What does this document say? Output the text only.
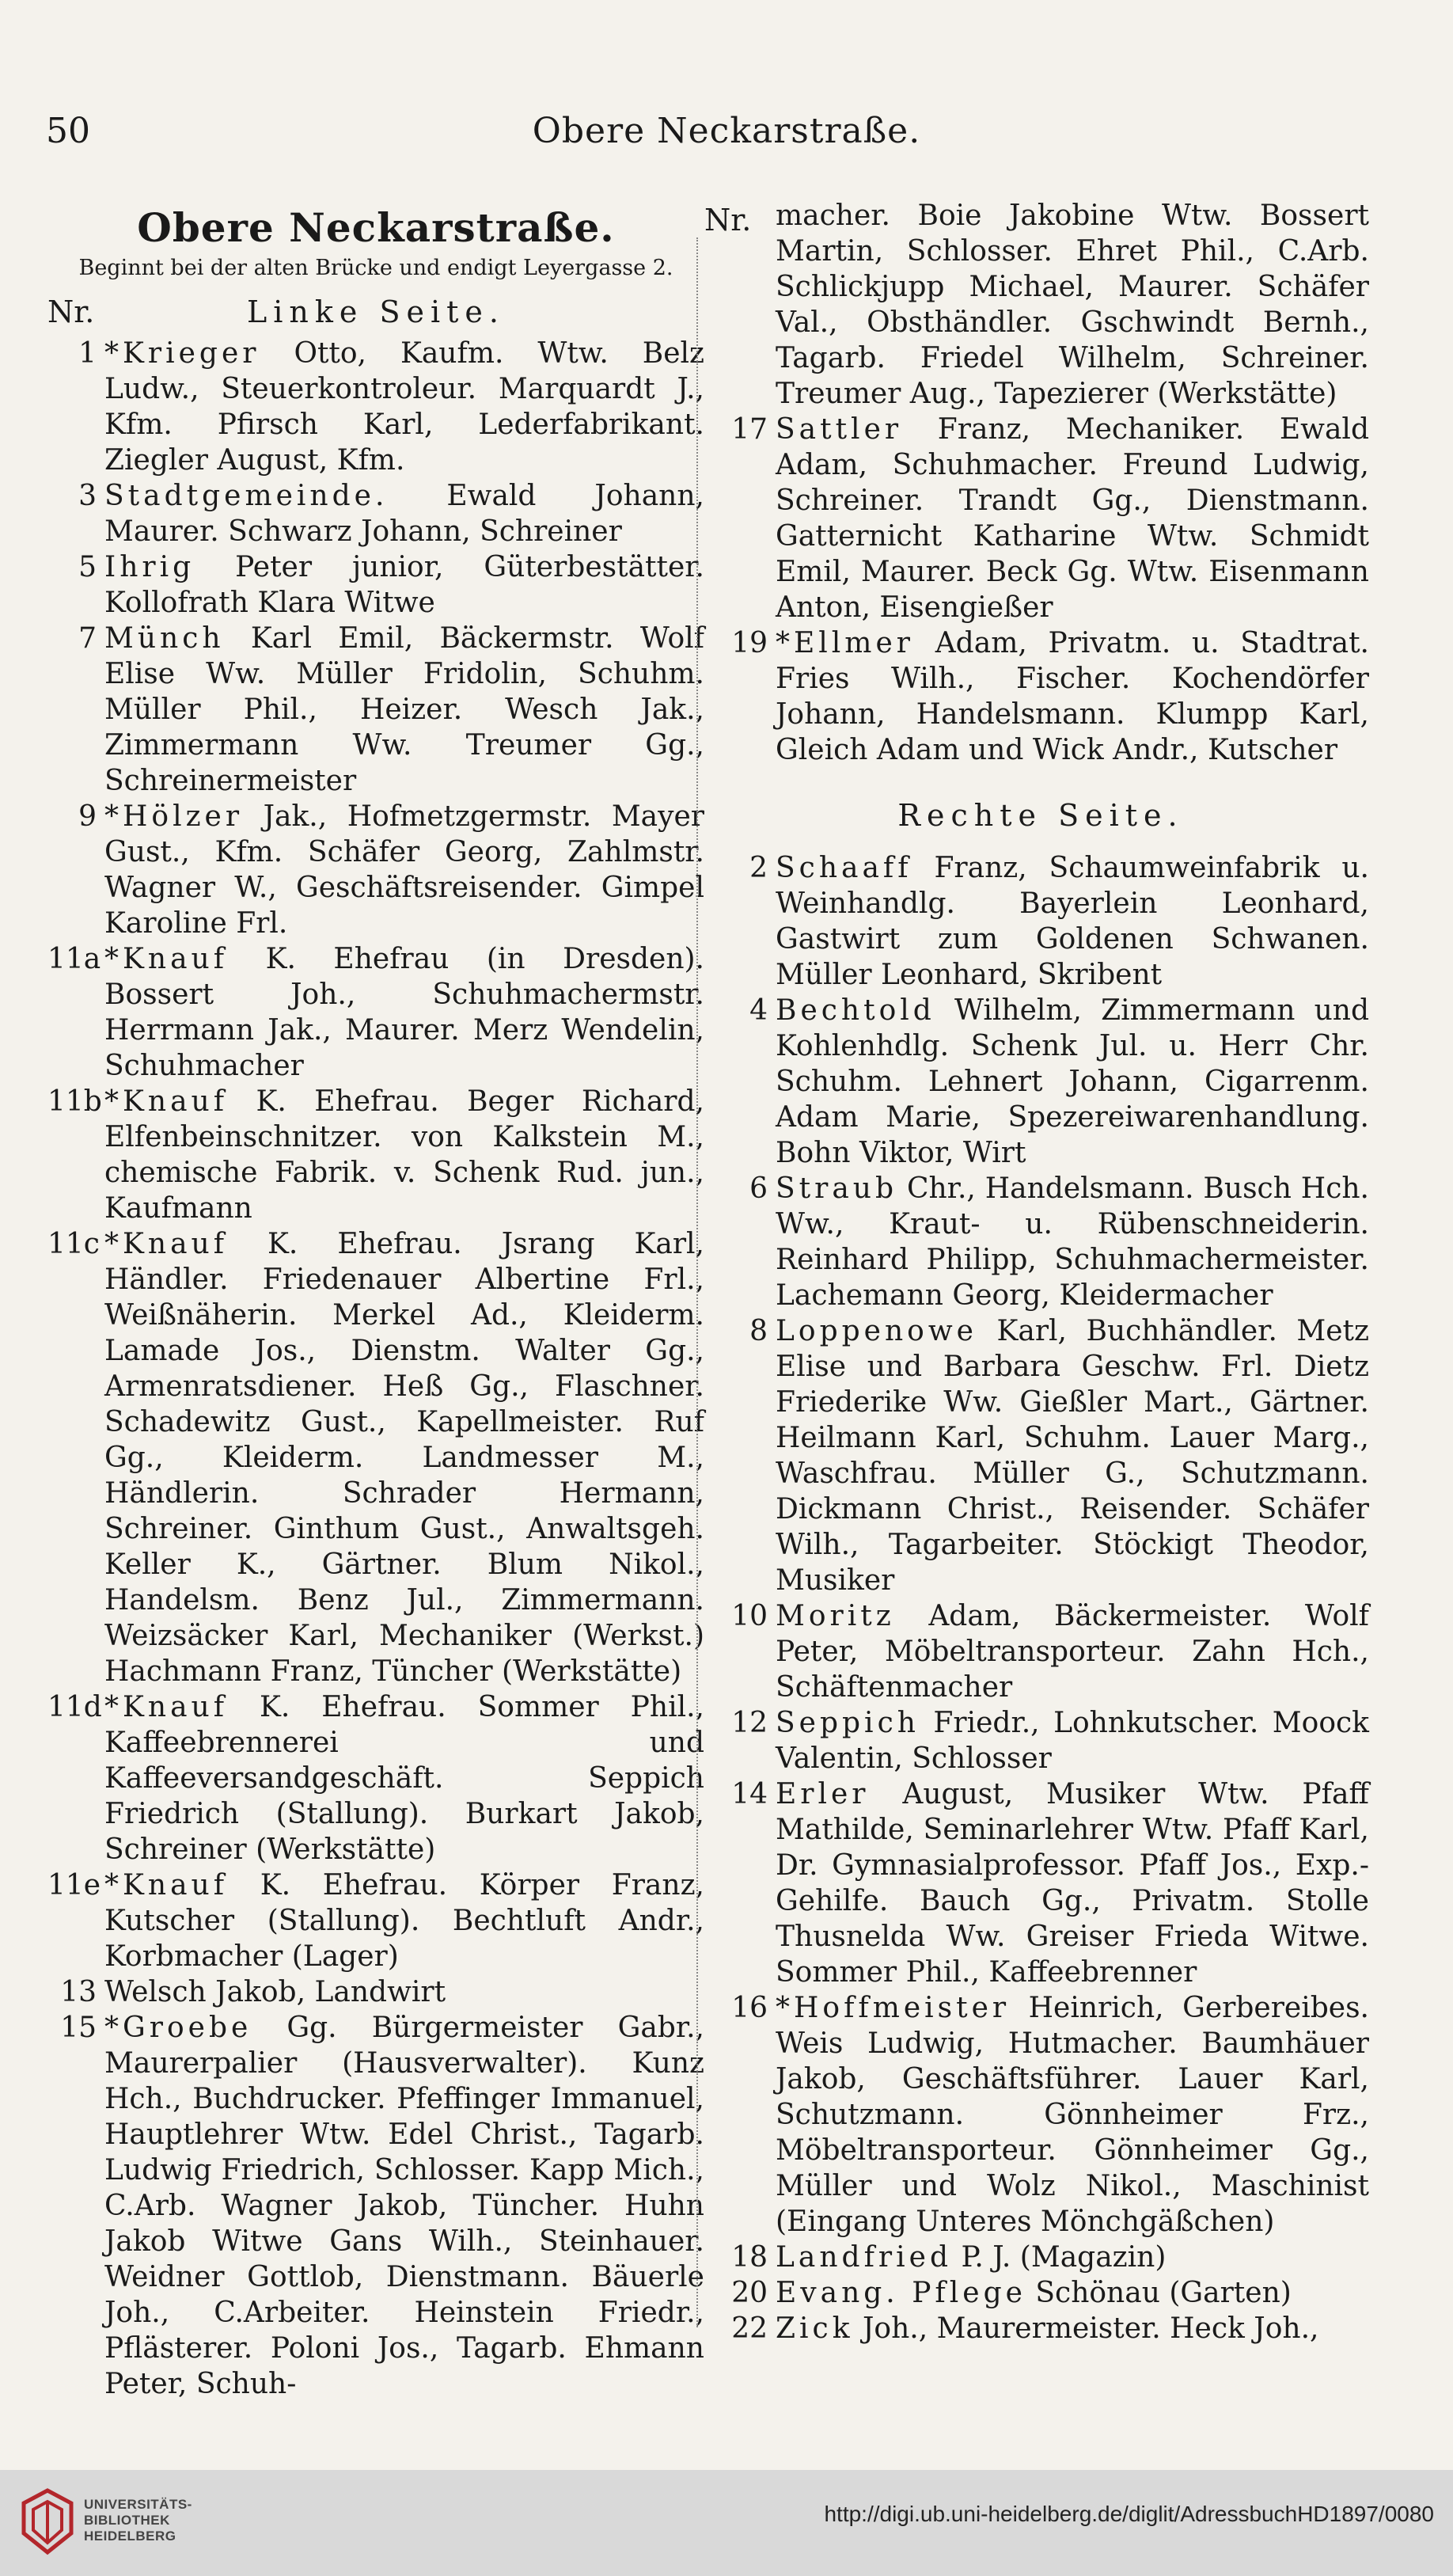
50	Obere Neckarstraße.
Obere Neckarstraße.
Beginnt bei der alten Brücke und endigt Leyergasse 2.
Nr.	Linke Seite.

1 *Krieger Otto, Kaufm. Wtw. Belz Ludw., Steuerkontroleur. Marquardt J., Kfm. Pfirsch Karl, Lederfabrikant. Ziegler August, Kfm.

3 Stadtgemeinde. Ewald Johann, Maurer. Schwarz Johann, Schreiner

5 Ihrig Peter junior, Güterbestätter. Kollofrath Klara Witwe

7 Münch Karl Emil, Bäckermstr. Wolf Elise Ww. Müller Fridolin, Schuhm. Müller Phil., Heizer. Wesch Jak., Zimmermann Ww. Treumer Gg., Schreinermeister

9 *Hölzer Jak., Hofmetzgermstr. Mayer Gust., Kfm. Schäfer Georg, Zahlmstr. Wagner W., Geschäftsreisender. Gimpel Karoline Frl.

11a *Knauf K. Ehefrau (in Dresden). Bossert Joh., Schuhmachermstr. Herrmann Jak., Maurer. Merz Wendelin, Schuhmacher

11b *Knauf K. Ehefrau. Beger Richard, Elfenbeinschnitzer. von Kalkstein M., chemische Fabrik. v. Schenk Rud. jun., Kaufmann

11c *Knauf K. Ehefrau. Jsrang Karl, Händler. Friedenauer Albertine Frl., Weißnäherin. Merkel Ad., Kleiderm. Lamade Jos., Dienstm. Walter Gg., Armenratsdiener. Heß Gg., Flaschner. Schadewitz Gust., Kapellmeister. Ruf Gg., Kleiderm. Landmesser M., Händlerin. Schrader Hermann, Schreiner. Ginthum Gust., Anwaltsgeh. Keller K., Gärtner. Blum Nikol., Handelsm. Benz Jul., Zimmermann. Weizsäcker Karl, Mechaniker (Werkst.) Hachmann Franz, Tüncher (Werkstätte)

11d *Knauf K. Ehefrau. Sommer Phil., Kaffeebrennerei und Kaffeeversandgeschäft. Seppich Friedrich (Stallung). Burkart Jakob, Schreiner (Werkstätte)

11e *Knauf K. Ehefrau. Körper Franz, Kutscher (Stallung). Bechtluft Andr., Korbmacher (Lager)

13 Welsch Jakob, Landwirt

15 *Groebe Gg. Bürgermeister Gabr., Maurerpalier (Hausverwalter). Kunz Hch., Buchdrucker. Pfeffinger Immanuel, Hauptlehrer Wtw. Edel Christ., Tagarb. Ludwig Friedrich, Schlosser. Kapp Mich., C.Arb. Wagner Jakob, Tüncher. Huhn Jakob Witwe Gans Wilh., Steinhauer. Weidner Gottlob, Dienstmann. Bäuerle Joh., C.Arbeiter. Heinstein Friedr., Pflästerer. Poloni Jos., Tagarb. Ehmann Peter, Schuh-

Nr. macher. Boie Jakobine Wtw. Bossert Martin, Schlosser. Ehret Phil., C.Arb. Schlickjupp Michael, Maurer. Schäfer Val., Obsthändler. Gschwindt Bernh., Tagarb. Friedel Wilhelm, Schreiner. Treumer Aug., Tapezierer (Werkstätte)

17 Sattler Franz, Mechaniker. Ewald Adam, Schuhmacher. Freund Ludwig, Schreiner. Trandt Gg., Dienstmann. Gatternicht Katharine Wtw. Schmidt Emil, Maurer. Beck Gg. Wtw. Eisenmann Anton, Eisengießer

19 *Ellmer Adam, Privatm. u. Stadtrat. Fries Wilh., Fischer. Kochendörfer Johann, Handelsmann. Klumpp Karl, Gleich Adam und Wick Andr., Kutscher

Rechte Seite.

2 Schaaff Franz, Schaumweinfabrik u. Weinhandlg. Bayerlein Leonhard, Gastwirt zum Goldenen Schwanen. Müller Leonhard, Skribent

4 Bechtold Wilhelm, Zimmermann und Kohlenhdlg. Schenk Jul. u. Herr Chr. Schuhm. Lehnert Johann, Cigarrenm. Adam Marie, Spezereiwarenhandlung. Bohn Viktor, Wirt

6 Straub Chr., Handelsmann. Busch Hch. Ww., Kraut- u. Rübenschneiderin. Reinhard Philipp, Schuhmachermeister. Lachemann Georg, Kleidermacher

8 Loppenowe Karl, Buchhändler. Metz Elise und Barbara Geschw. Frl. Dietz Friederike Ww. Gießler Mart., Gärtner. Heilmann Karl, Schuhm. Lauer Marg., Waschfrau. Müller G., Schutzmann. Dickmann Christ., Reisender. Schäfer Wilh., Tagarbeiter. Stöckigt Theodor, Musiker

10 Moritz Adam, Bäckermeister. Wolf Peter, Möbeltransporteur. Zahn Hch., Schäftenmacher

12 Seppich Friedr., Lohnkutscher. Moock Valentin, Schlosser

14 Erler August, Musiker Wtw. Pfaff Mathilde, Seminarlehrer Wtw. Pfaff Karl, Dr. Gymnasialprofessor. Pfaff Jos., Exp.-Gehilfe. Bauch Gg., Privatm. Stolle Thusnelda Ww. Greiser Frieda Witwe. Sommer Phil., Kaffeebrenner

16 *Hoffmeister Heinrich, Gerbereibes. Weis Ludwig, Hutmacher. Baumhäuer Jakob, Geschäftsführer. Lauer Karl, Schutzmann. Gönnheimer Frz., Möbeltransporteur. Gönnheimer Gg., Müller und Wolz Nikol., Maschinist (Eingang Unteres Mönchgäßchen)

18 Landfried P. J. (Magazin)

20 Evang. Pflege Schönau (Garten)

22 Zick Joh., Maurermeister. Heck Joh.,

UNIVERSITÄTS-
BIBLIOTHEK
HEIDELBERG
http://digi.ub.uni-heidelberg.de/diglit/AdressbuchHD1897/0080
